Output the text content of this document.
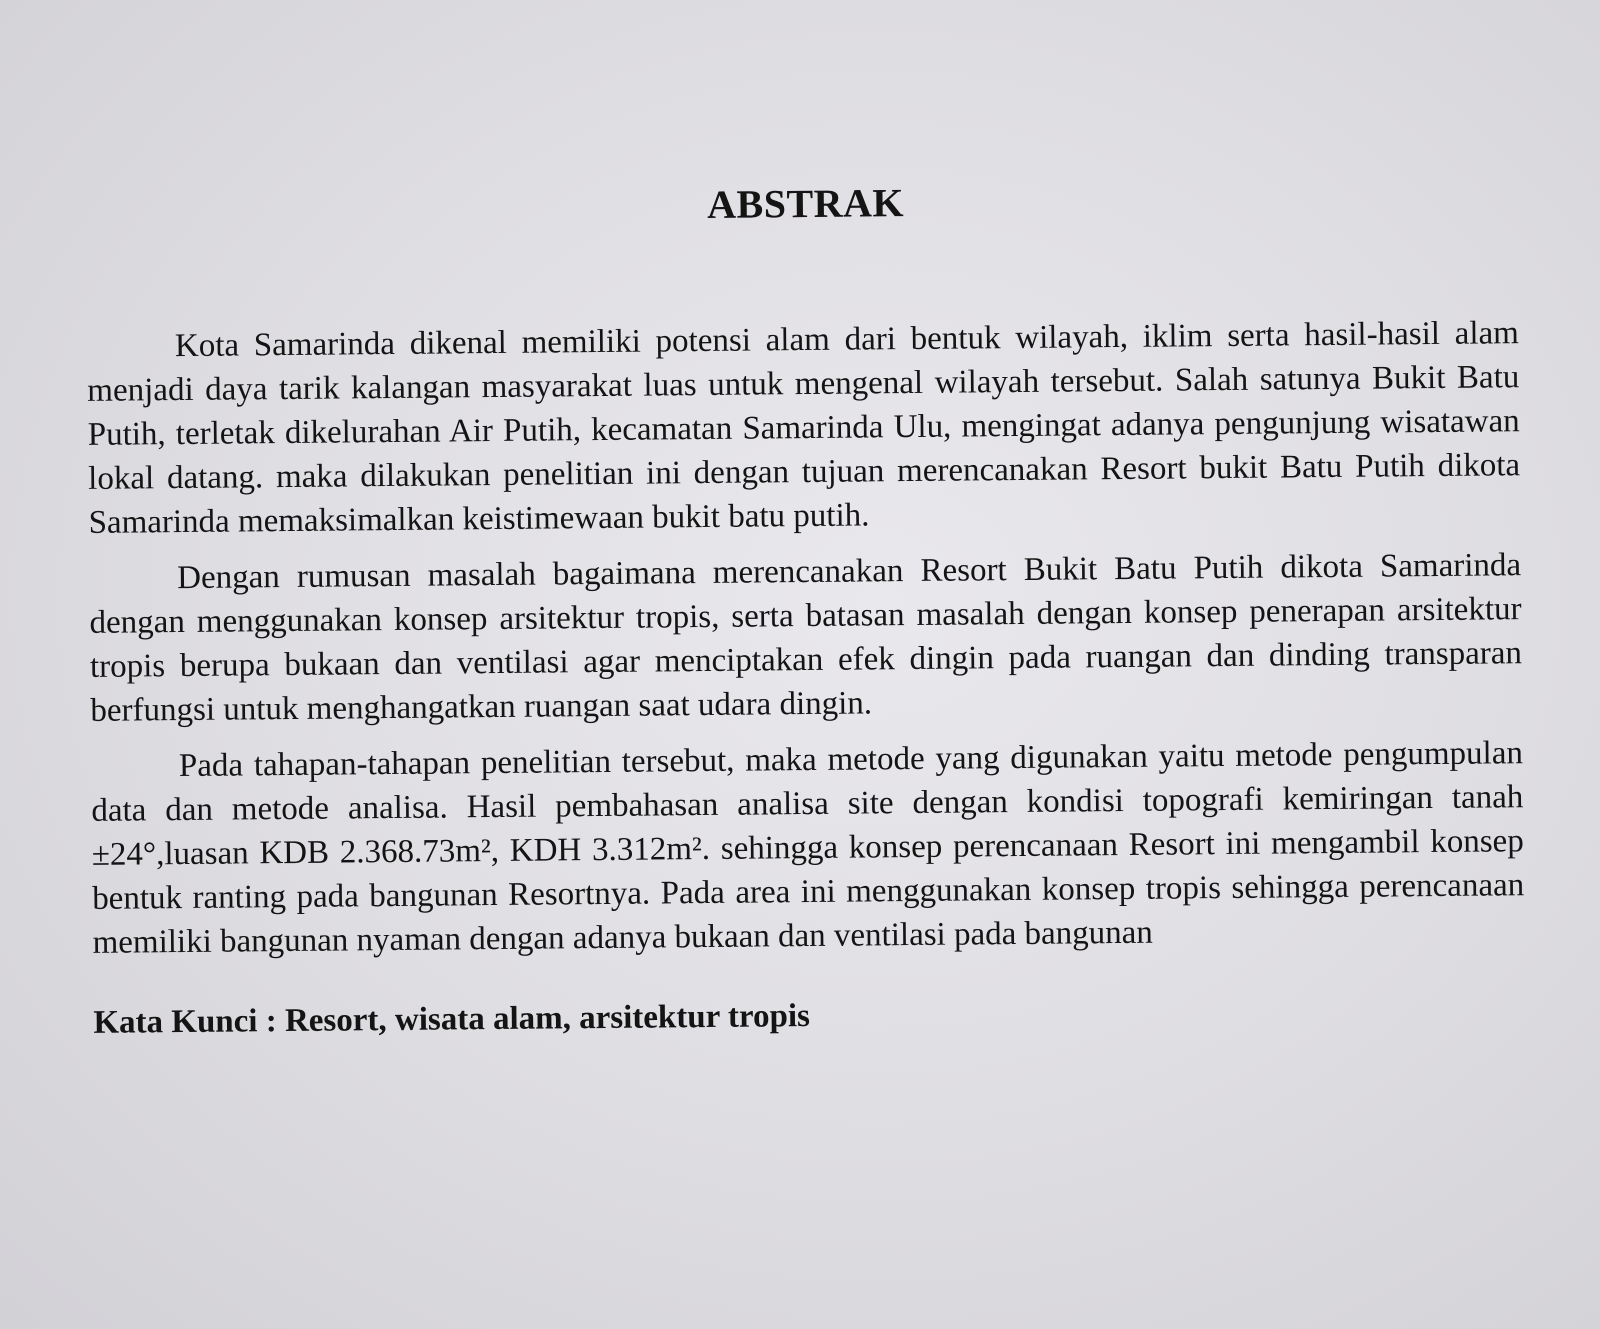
ABSTRAK

Kota Samarinda dikenal memiliki potensi alam dari bentuk wilayah, iklim serta hasil-hasil alam menjadi daya tarik kalangan masyarakat luas untuk mengenal wilayah tersebut. Salah satunya Bukit Batu Putih, terletak dikelurahan Air Putih, kecamatan Samarinda Ulu, mengingat adanya pengunjung wisatawan lokal datang. maka dilakukan penelitian ini dengan tujuan merencanakan Resort bukit Batu Putih dikota Samarinda memaksimalkan keistimewaan bukit batu putih.

Dengan rumusan masalah bagaimana merencanakan Resort Bukit Batu Putih dikota Samarinda dengan menggunakan konsep arsitektur tropis, serta batasan masalah dengan konsep penerapan arsitektur tropis berupa bukaan dan ventilasi agar menciptakan efek dingin pada ruangan dan dinding transparan berfungsi untuk menghangatkan ruangan saat udara dingin.

Pada tahapan-tahapan penelitian tersebut, maka metode yang digunakan yaitu metode pengumpulan data dan metode analisa. Hasil pembahasan analisa site dengan kondisi topografi kemiringan tanah ±24°,luasan KDB 2.368.73m², KDH 3.312m². sehingga konsep perencanaan Resort ini mengambil konsep bentuk ranting pada bangunan Resortnya. Pada area ini menggunakan konsep tropis sehingga perencanaan memiliki bangunan nyaman dengan adanya bukaan dan ventilasi pada bangunan

Kata Kunci : Resort, wisata alam, arsitektur tropis
